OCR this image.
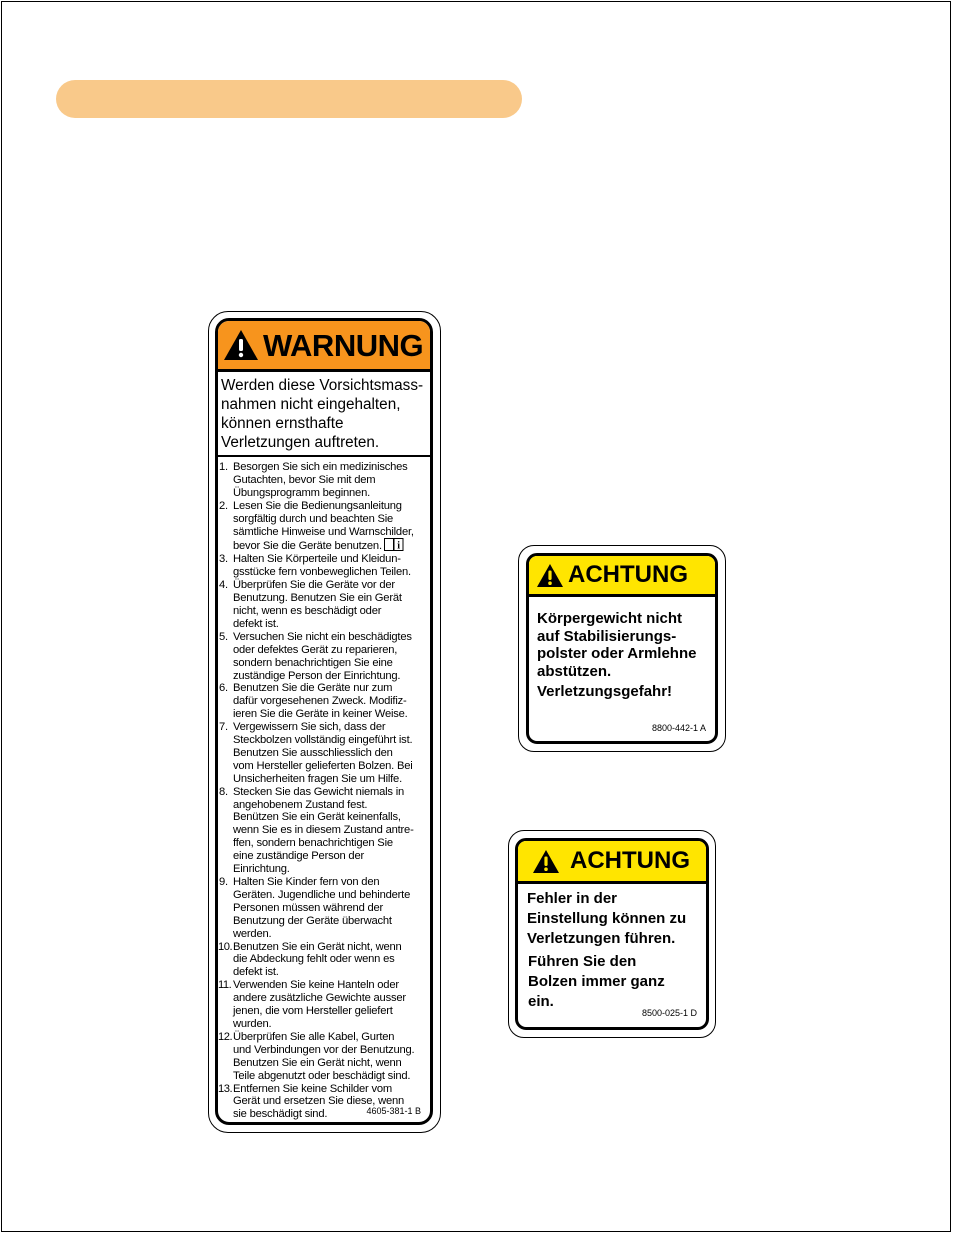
WARNUNG
Werden diese Vorsichtsmass-
nahmen nicht eingehalten,
können ernsthafte
Verletzungen auftreten.
1. Besorgen Sie sich ein medizinisches
Gutachten, bevor Sie mit dem
Übungsprogramm beginnen.
2. Lesen Sie die Bedienungsanleitung
sorgfältig durch und beachten Sie
sämtliche Hinweise und Warnschilder,
bevor Sie die Geräte benutzen. i
3. Halten Sie Körperteile und Kleidun-
gsstücke fern vonbeweglichen Teilen.
4. Überprüfen Sie die Geräte vor der
Benutzung. Benutzen Sie ein Gerät
nicht, wenn es beschädigt oder
defekt ist.
5. Versuchen Sie nicht ein beschädigtes
oder defektes Gerät zu reparieren,
sondern benachrichtigen Sie eine
zuständige Person der Einrichtung.
6. Benutzen Sie die Geräte nur zum
dafür vorgesehenen Zweck. Modifiz-
ieren Sie die Geräte in keiner Weise.
7. Vergewissern Sie sich, dass der
Steckbolzen vollständig eingeführt ist.
Benutzen Sie ausschliesslich den
vom Hersteller gelieferten Bolzen. Bei
Unsicherheiten fragen Sie um Hilfe.
8. Stecken Sie das Gewicht niemals in
angehobenem Zustand fest.
Benützen Sie ein Gerät keinenfalls,
wenn Sie es in diesem Zustand antre-
ffen, sondern benachrichtigen Sie
eine zuständige Person der
Einrichtung.
9. Halten Sie Kinder fern von den
Geräten. Jugendliche und behinderte
Personen müssen während der
Benutzung der Geräte überwacht
werden.
10. Benutzen Sie ein Gerät nicht, wenn
die Abdeckung fehlt oder wenn es
defekt ist.
11. Verwenden Sie keine Hanteln oder
andere zusätzliche Gewichte ausser
jenen, die vom Hersteller geliefert
wurden.
12. Überprüfen Sie alle Kabel, Gurten
und Verbindungen vor der Benutzung.
Benutzen Sie ein Gerät nicht, wenn
Teile abgenutzt oder beschädigt sind.
13. Entfernen Sie keine Schilder vom
Gerät und ersetzen Sie diese, wenn
sie beschädigt sind.	4605-381-1 B
ACHTUNG
Körpergewicht nicht
auf Stabilisierungs-
polster oder Armlehne
abstützen.
Verletzungsgefahr!
8800-442-1 A
ACHTUNG
Fehler in der
Einstellung können zu
Verletzungen führen.
Führen Sie den
Bolzen immer ganz
ein.
8500-025-1 D
